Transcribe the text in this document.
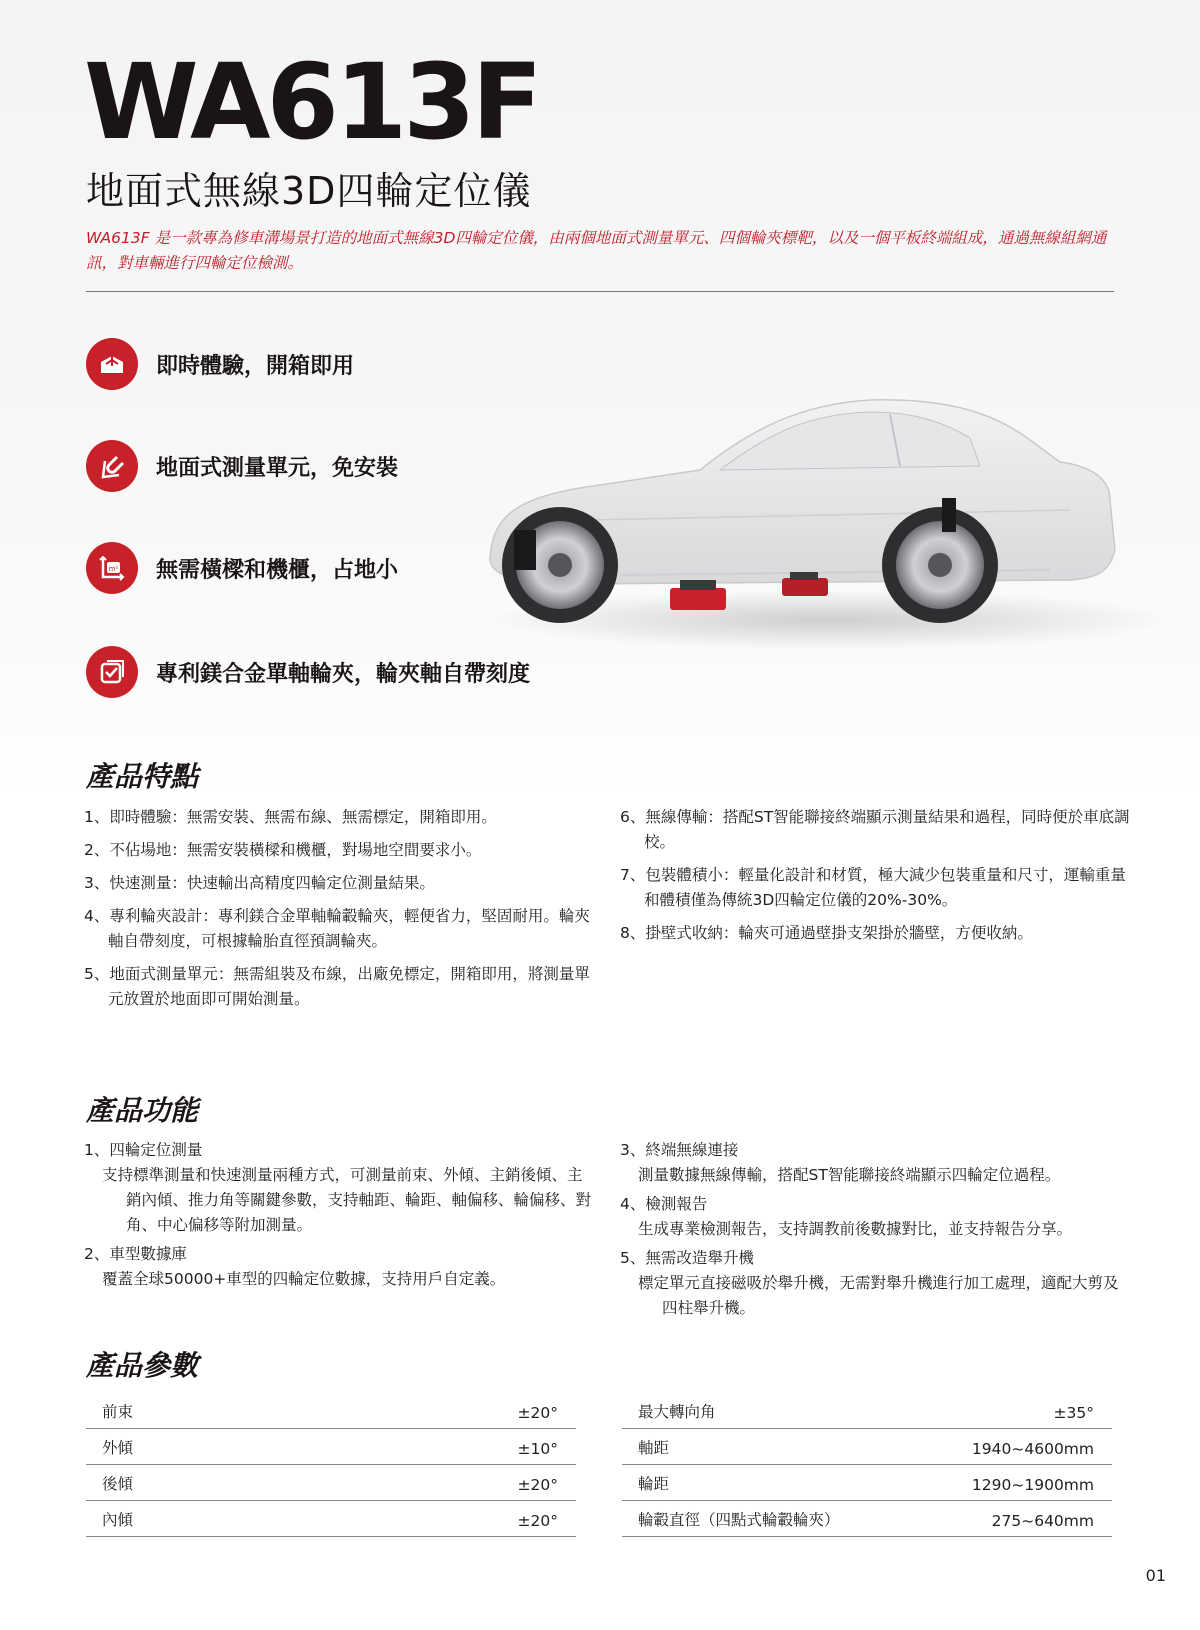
WA613F
地面式無線3D四輪定位儀
WA613F 是一款專為修車溝場景打造的地面式無線3D四輪定位儀，由兩個地面式測量單元、四個輪夾標靶，以及一個平板終端組成，通過無線組網通訊，對車輛進行四輪定位檢測。
即時體驗，開箱即用
地面式測量單元，免安裝
m² 無需橫樑和機櫃，占地小
專利鎂合金單軸輪夾，輪夾軸自帶刻度
產品特點
1、即時體驗：無需安裝、無需布線、無需標定，開箱即用。
2、不佔場地：無需安裝橫樑和機櫃，對場地空間要求小。
3、快速測量：快速輸出高精度四輪定位測量結果。
4、專利輪夾設計：專利鎂合金單軸輪轂輪夾，輕便省力，堅固耐用。輪夾軸自帶刻度，可根據輪胎直徑預調輪夾。
5、地面式測量單元：無需組裝及布線，出廠免標定，開箱即用，將測量單元放置於地面即可開始測量。
6、無線傳輸：搭配ST智能聯接終端顯示測量結果和過程，同時便於車底調校。
7、包裝體積小：輕量化設計和材質，極大減少包裝重量和尺寸，運輸重量和體積僅為傳統3D四輪定位儀的20%-30%。
8、掛壁式收納：輪夾可通過壁掛支架掛於牆壁，方便收納。
產品功能
1、四輪定位測量
支持標準測量和快速測量兩種方式，可測量前束、外傾、主銷後傾、主銷內傾、推力角等關鍵參數，支持軸距、輪距、軸偏移、輪偏移、對角、中心偏移等附加測量。
2、車型數據庫
覆蓋全球50000+車型的四輪定位數據，支持用戶自定義。
3、終端無線連接
測量數據無線傳輸，搭配ST智能聯接終端顯示四輪定位過程。
4、檢測報告
生成專業檢測報告，支持調教前後數據對比，並支持報告分享。
5、無需改造舉升機
標定單元直接磁吸於舉升機，无需對舉升機進行加工處理，適配大剪及四柱舉升機。
產品參數
前束	±20°
外傾	±10°
後傾	±20°
內傾	±20°
最大轉向角	±35°
軸距	1940~4600mm
輪距	1290~1900mm
輪轂直徑（四點式輪轂輪夾）	275~640mm
01
